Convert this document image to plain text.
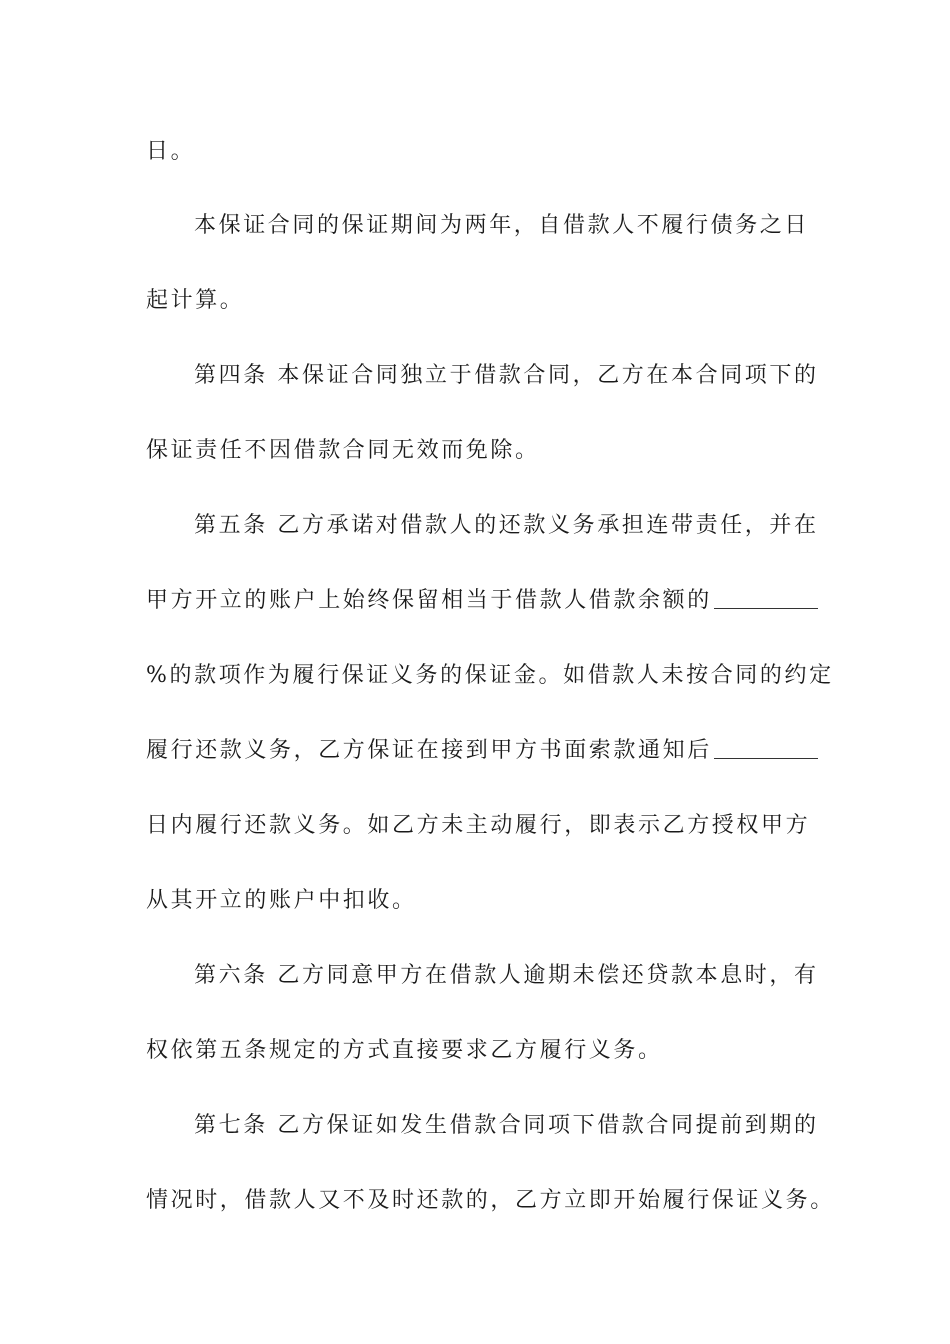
日。
本保证合同的保证期间为两年，自借款人不履行债务之日
起计算。
第四条 本保证合同独立于借款合同，乙方在本合同项下的
保证责任不因借款合同无效而免除。
第五条 乙方承诺对借款人的还款义务承担连带责任，并在
甲方开立的账户上始终保留相当于借款人借款余额的
%的款项作为履行保证义务的保证金。如借款人未按合同的约定
履行还款义务，乙方保证在接到甲方书面索款通知后
日内履行还款义务。如乙方未主动履行，即表示乙方授权甲方
从其开立的账户中扣收。
第六条 乙方同意甲方在借款人逾期未偿还贷款本息时，有
权依第五条规定的方式直接要求乙方履行义务。
第七条 乙方保证如发生借款合同项下借款合同提前到期的
情况时，借款人又不及时还款的，乙方立即开始履行保证义务。
